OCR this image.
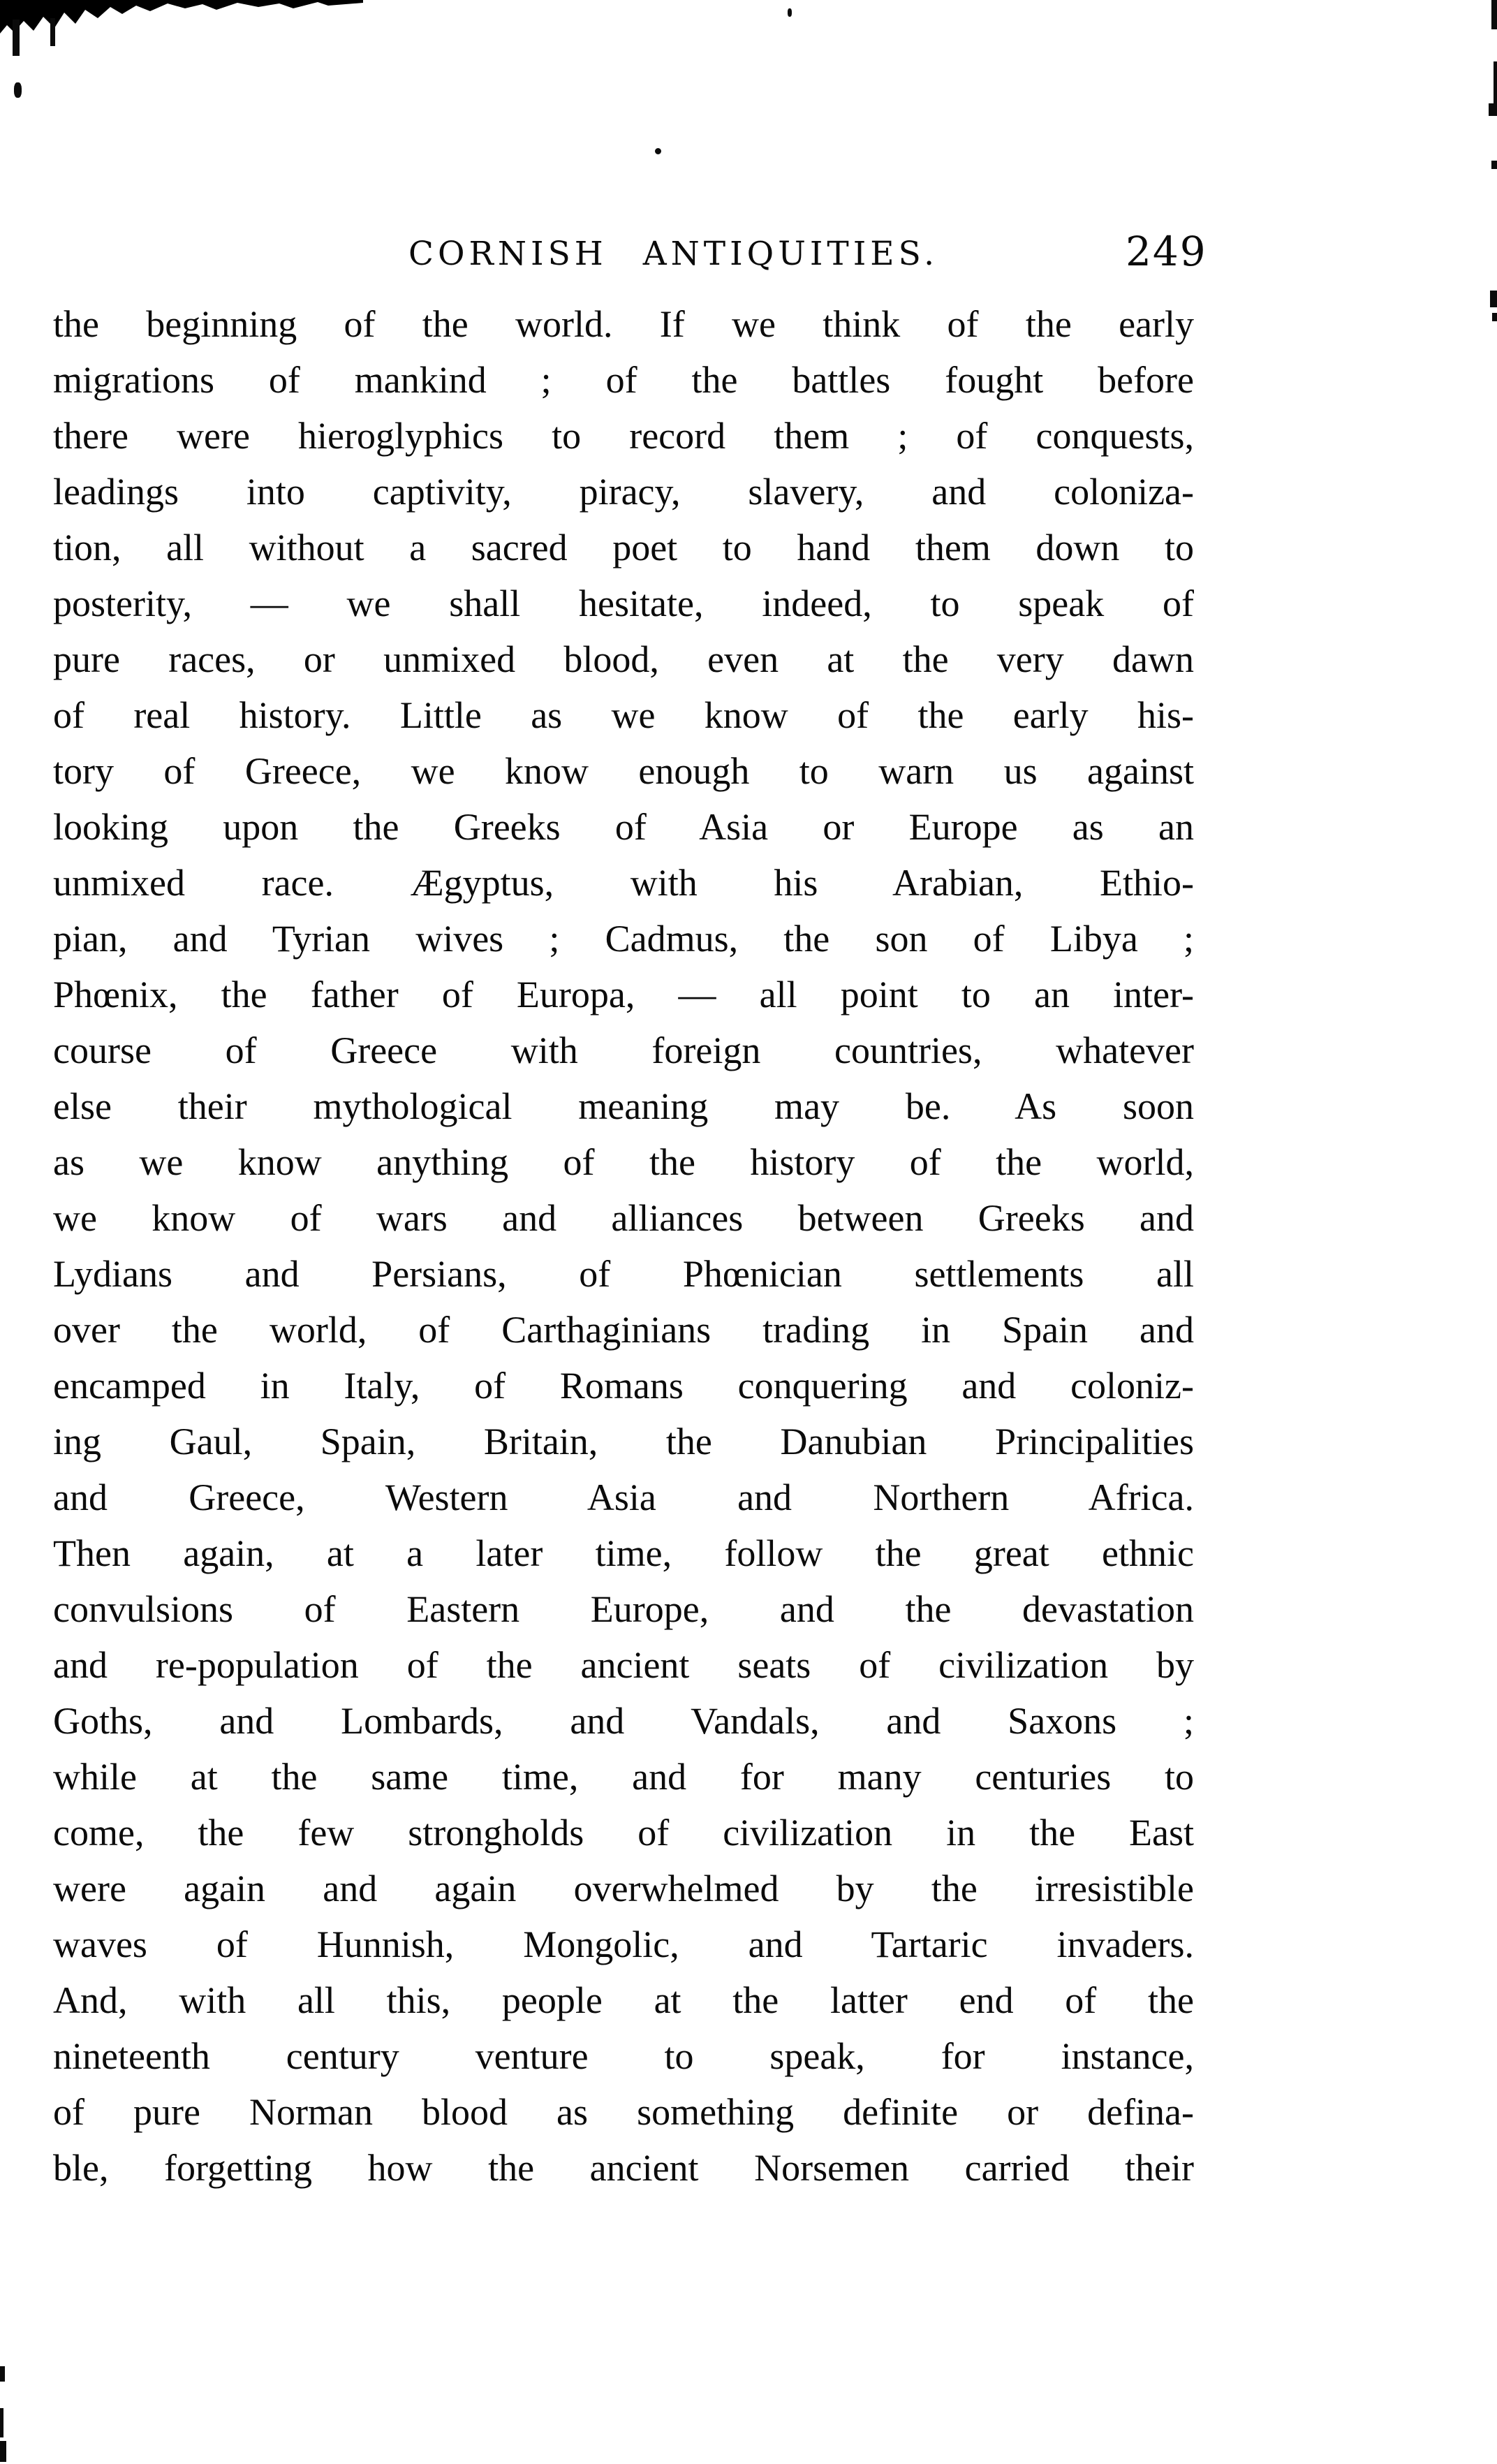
CORNISH ANTIQUITIES.	249
the beginning of the world. If we think of the early
migrations of mankind ; of the battles fought before
there were hieroglyphics to record them ; of conquests,
leadings into captivity, piracy, slavery, and coloniza-
tion, all without a sacred poet to hand them down to
posterity, — we shall hesitate, indeed, to speak of
pure races, or unmixed blood, even at the very dawn
of real history. Little as we know of the early his-
tory of Greece, we know enough to warn us against
looking upon the Greeks of Asia or Europe as an
unmixed race. Ægyptus, with his Arabian, Ethio-
pian, and Tyrian wives ; Cadmus, the son of Libya ;
Phœnix, the father of Europa, — all point to an inter-
course of Greece with foreign countries, whatever
else their mythological meaning may be. As soon
as we know anything of the history of the world,
we know of wars and alliances between Greeks and
Lydians and Persians, of Phœnician settlements all
over the world, of Carthaginians trading in Spain and
encamped in Italy, of Romans conquering and coloniz-
ing Gaul, Spain, Britain, the Danubian Principalities
and Greece, Western Asia and Northern Africa.
Then again, at a later time, follow the great ethnic
convulsions of Eastern Europe, and the devastation
and re-population of the ancient seats of civilization by
Goths, and Lombards, and Vandals, and Saxons ;
while at the same time, and for many centuries to
come, the few strongholds of civilization in the East
were again and again overwhelmed by the irresistible
waves of Hunnish, Mongolic, and Tartaric invaders.
And, with all this, people at the latter end of the
nineteenth century venture to speak, for instance,
of pure Norman blood as something definite or defina-
ble, forgetting how the ancient Norsemen carried their
